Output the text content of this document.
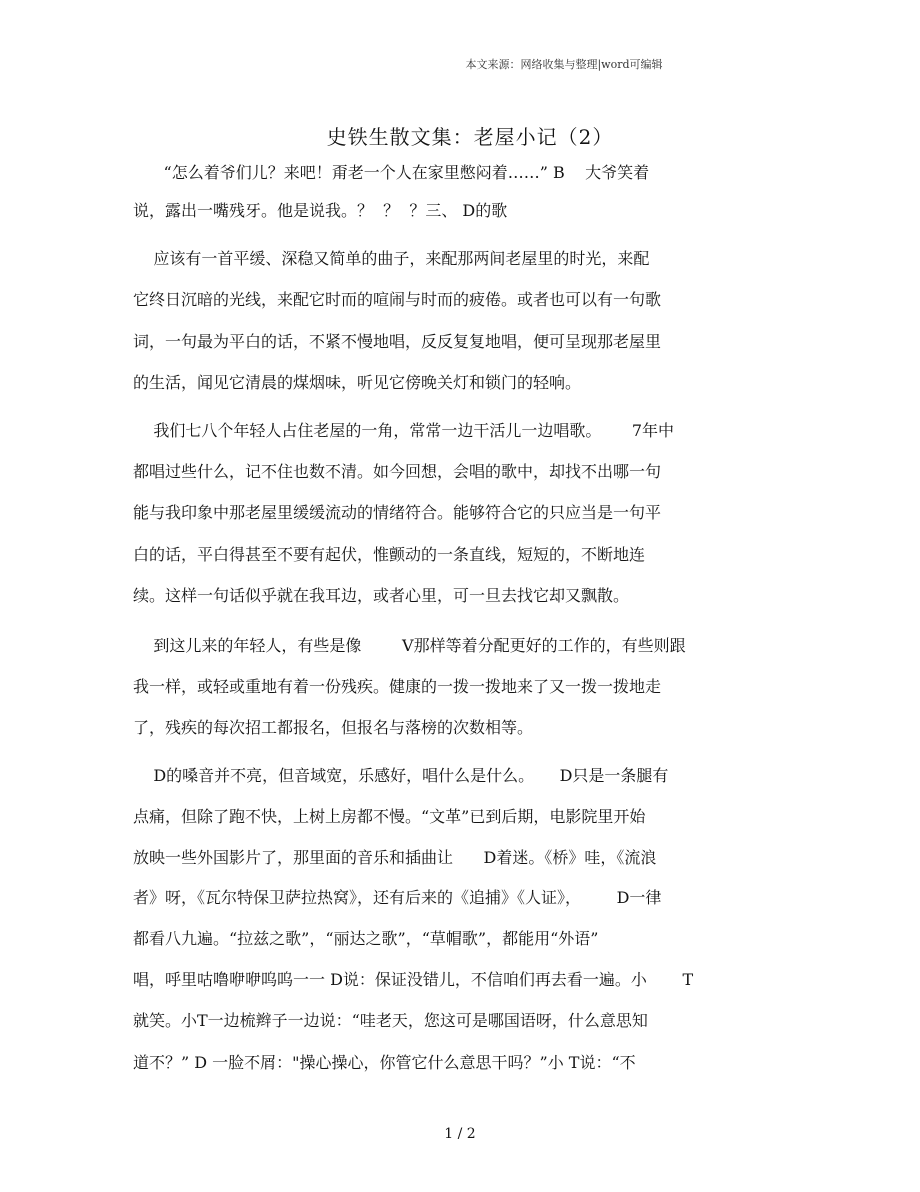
本文来源：网络收集与整理|word可编辑
史铁生散文集：老屋小记（2）
“怎么着爷们儿？来吧！甭老一个人在家里憋闷着……” B    大爷笑着
说，露出一嘴残牙。他是说我。？  ？  ？三、 D的歌
应该有一首平缓、深稳又简单的曲子，来配那两间老屋里的时光，来配
它终日沉暗的光线，来配它时而的喧闹与时而的疲倦。或者也可以有一句歌
词，一句最为平白的话，不紧不慢地唱，反反复复地唱，便可呈现那老屋里
的生活，闻见它清晨的煤烟味，听见它傍晚关灯和锁门的轻响。
我们七八个年轻人占住老屋的一角，常常一边干活儿一边唱歌。      7年中
都唱过些什么，记不住也数不清。如今回想，会唱的歌中，却找不出哪一句
能与我印象中那老屋里缓缓流动的情绪符合。能够符合它的只应当是一句平
白的话，平白得甚至不要有起伏，惟颤动的一条直线，短短的，不断地连
续。这样一句话似乎就在我耳边，或者心里，可一旦去找它却又飘散。
到这儿来的年轻人，有些是像        V那样等着分配更好的工作的，有些则跟
我一样，或轻或重地有着一份残疾。健康的一拨一拨地来了又一拨一拨地走
了，残疾的每次招工都报名，但报名与落榜的次数相等。
D的嗓音并不亮，但音域宽，乐感好，唱什么是什么。     D只是一条腿有
点痛，但除了跑不快，上树上房都不慢。“文革”已到后期，电影院里开始
放映一些外国影片了，那里面的音乐和插曲让      D着迷。《桥》哇，《流浪
者》呀，《瓦尔特保卫萨拉热窝》，还有后来的《追捕》《人证》，       D一律
都看八九遍。“拉兹之歌”，“丽达之歌”，“草帽歌”，都能用“外语”
唱，呼里咕噜咿咿呜呜一一 D说：保证没错儿，不信咱们再去看一遍。小       T
就笑。小T一边梳辫子一边说：“哇老天，您这可是哪国语呀，什么意思知
道不？” D 一脸不屑："操心操心，你管它什么意思干吗？”小 T说：“不
1 / 2
